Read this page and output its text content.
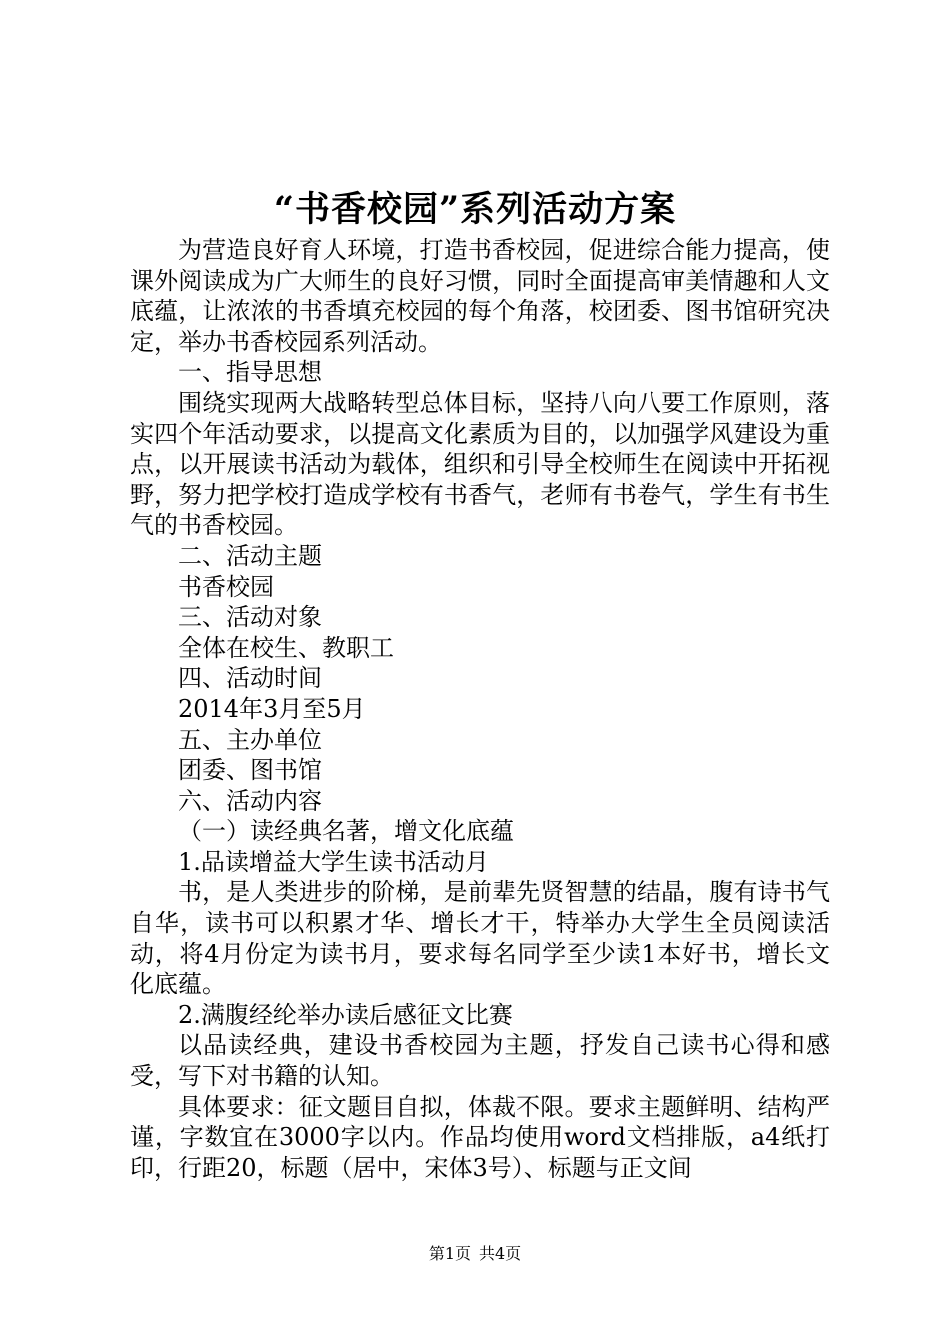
“书香校园”系列活动方案

为营造良好育人环境，打造书香校园，促进综合能力提高，使课外阅读成为广大师生的良好习惯，同时全面提高审美情趣和人文底蕴，让浓浓的书香填充校园的每个角落，校团委、图书馆研究决定，举办书香校园系列活动。

一、指导思想

围绕实现两大战略转型总体目标，坚持八向八要工作原则，落实四个年活动要求，以提高文化素质为目的，以加强学风建设为重点，以开展读书活动为载体，组织和引导全校师生在阅读中开拓视野，努力把学校打造成学校有书香气，老师有书卷气，学生有书生气的书香校园。

二、活动主题

书香校园

三、活动对象

全体在校生、教职工

四、活动时间

2014年3月至5月

五、主办单位

团委、图书馆

六、活动内容

（一）读经典名著，增文化底蕴

1.品读增益大学生读书活动月

书，是人类进步的阶梯，是前辈先贤智慧的结晶，腹有诗书气自华，读书可以积累才华、增长才干，特举办大学生全员阅读活动，将4月份定为读书月，要求每名同学至少读1本好书，增长文化底蕴。

2.满腹经纶举办读后感征文比赛

以品读经典，建设书香校园为主题，抒发自己读书心得和感受，写下对书籍的认知。

具体要求：征文题目自拟，体裁不限。要求主题鲜明、结构严谨，字数宜在3000字以内。作品均使用word文档排版，a4纸打印，行距20，标题（居中，宋体3号）、标题与正文间

第1页 共4页
